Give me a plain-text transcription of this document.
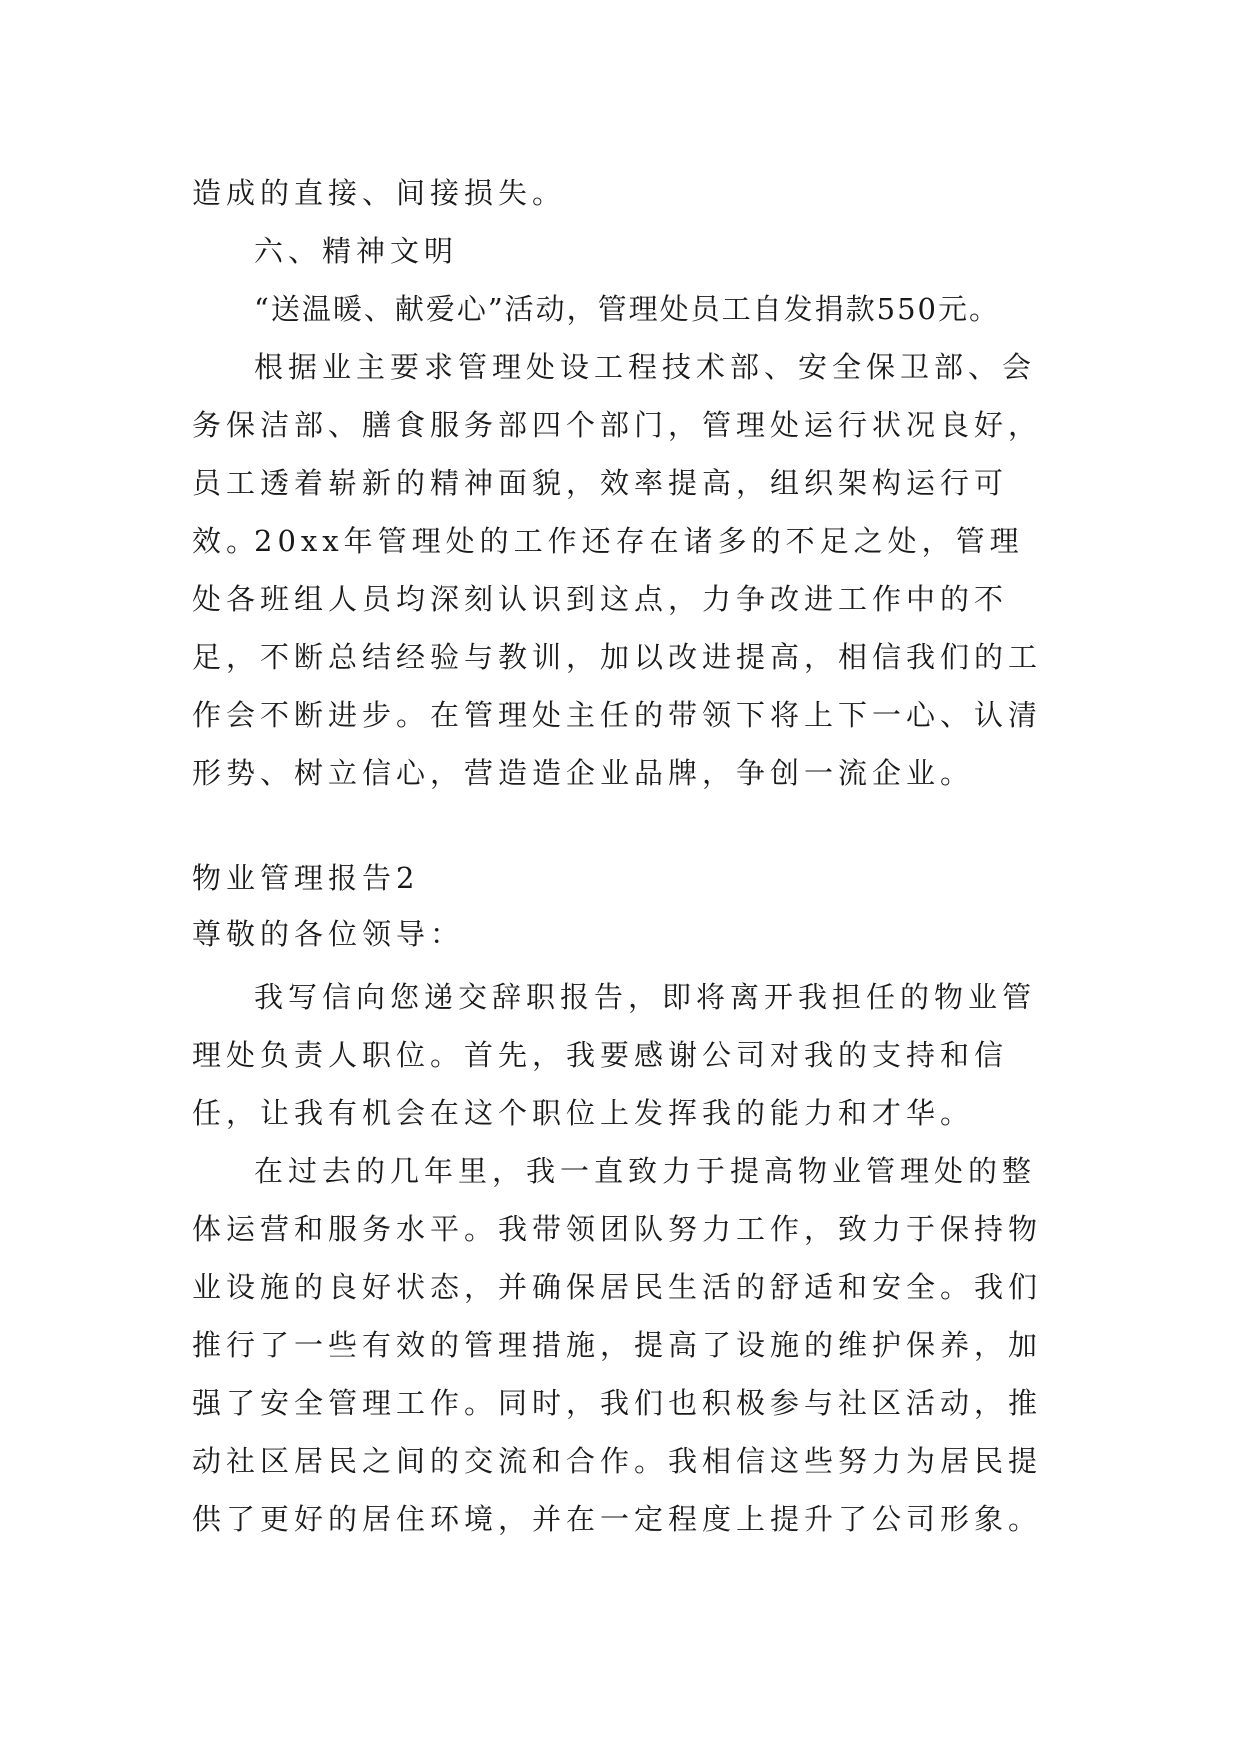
造成的直接、间接损失。

六、精神文明

“送温暖、献爱心”活动，管理处员工自发捐款550元。

根据业主要求管理处设工程技术部、安全保卫部、会务保洁部、膳食服务部四个部门，管理处运行状况良好，员工透着崭新的精神面貌，效率提高，组织架构运行可效。

20xx年管理处的工作还存在诸多的不足之处，管理处各班组人员均深刻认识到这点，力争改进工作中的不足，不断总结经验与教训，加以改进提高，相信我们的工作会不断进步。在管理处主任的带领下将上下一心、认清形势、树立信心，营造造企业品牌，争创一流企业。

物业管理报告2

尊敬的各位领导：

我写信向您递交辞职报告，即将离开我担任的物业管理处负责人职位。首先，我要感谢公司对我的支持和信任，让我有机会在这个职位上发挥我的能力和才华。

在过去的几年里，我一直致力于提高物业管理处的整体运营和服务水平。我带领团队努力工作，致力于保持物业设施的良好状态，并确保居民生活的舒适和安全。我们推行了一些有效的管理措施，提高了设施的维护保养，加强了安全管理工作。同时，我们也积极参与社区活动，推动社区居民之间的交流和合作。我相信这些努力为居民提供了更好的居住环境，并在一定程度上提升了公司形象。
